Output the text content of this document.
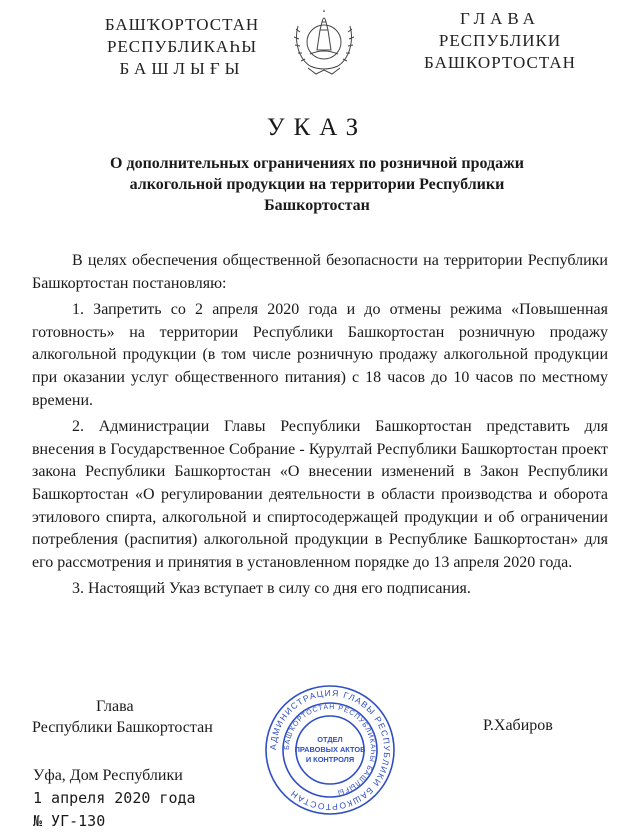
БАШҠОРТОСТАН
РЕСПУБЛИКАҺЫ
БАШЛЫҒЫ
ГЛАВА
РЕСПУБЛИКИ
БАШКОРТОСТАН
УКАЗ
О дополнительных ограничениях по розничной продажи алкогольной продукции на территории Республики Башкортостан

В целях обеспечения общественной безопасности на территории Республики Башкортостан постановляю:

1. Запретить со 2 апреля 2020 года и до отмены режима «Повышенная готовность» на территории Республики Башкортостан розничную продажу алкогольной продукции (в том числе розничную продажу алкогольной продукции при оказании услуг общественного питания) с 18 часов до 10 часов по местному времени.

2. Администрации Главы Республики Башкортостан представить для внесения в Государственное Собрание - Курултай Республики Башкортостан проект закона Республики Башкортостан «О внесении изменений в Закон Республики Башкортостан «О регулировании деятельности в области производства и оборота этилового спирта, алкогольной и спиртосодержащей продукции и об ограничении потребления (распития) алкогольной продукции в Республике Башкортостан» для его рассмотрения и принятия в установленном порядке до 13 апреля 2020 года.

3. Настоящий Указ вступает в силу со дня его подписания.

Глава
Республики Башкортостан
АДМИНИСТРАЦИЯ ГЛАВЫ РЕСПУБЛИКИ БАШКОРТОСТАН
БАШҠОРТОСТАН РЕСПУБЛИКАҺЫ БАШЛЫҒЫ
ОТДЕЛ
ПРАВОВЫХ АКТОВ
И КОНТРОЛЯ
Р.Хабиров
Уфа, Дом Республики
1 апреля 2020 года
№ УГ-130
